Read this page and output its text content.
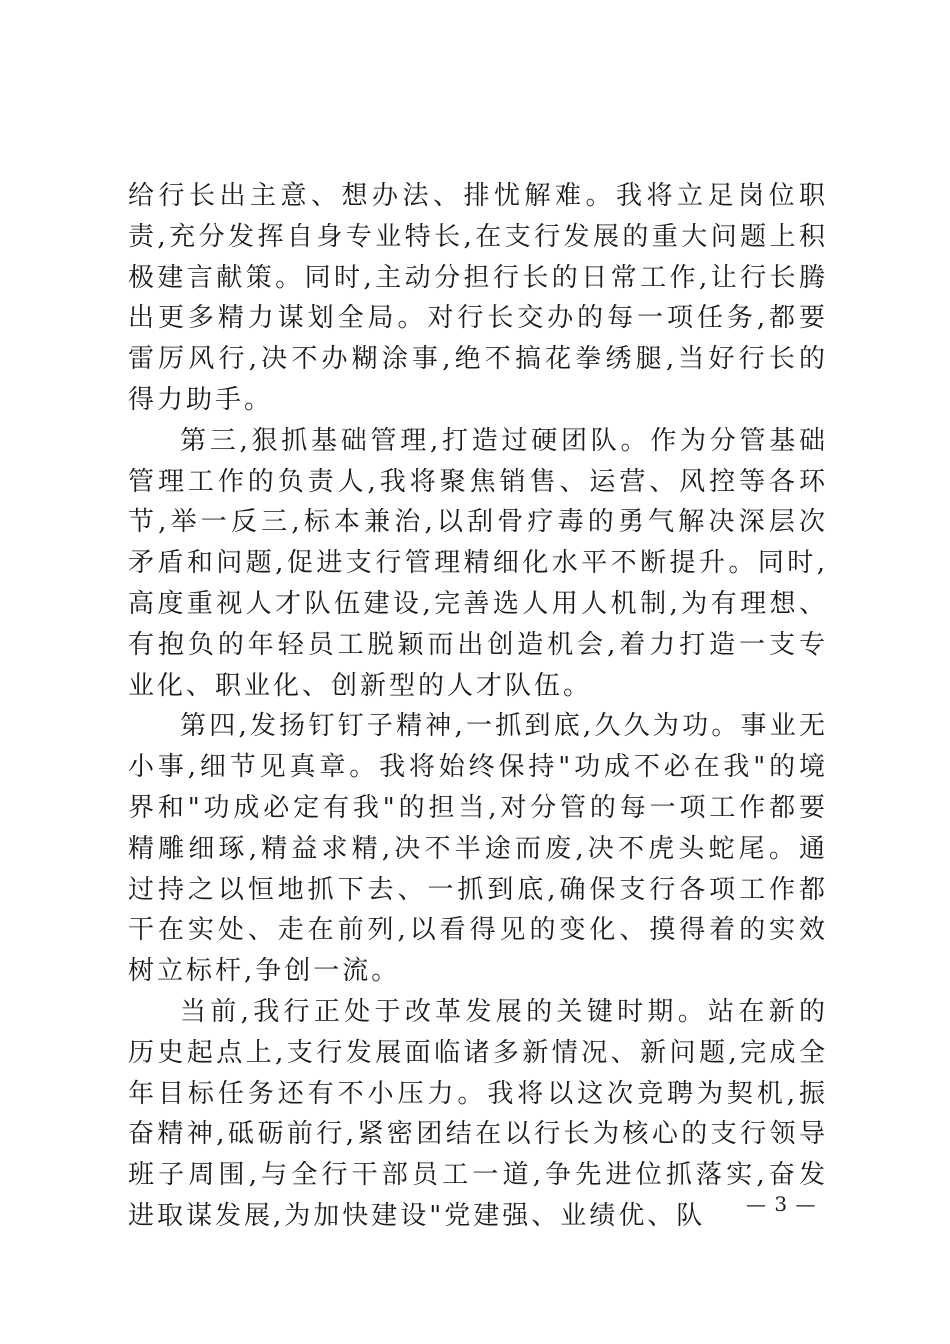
给行长出主意、想办法、排忧解难。我将立足岗位职责,充分发挥自身专业特长,在支行发展的重大问题上积极建言献策。同时,主动分担行长的日常工作,让行长腾出更多精力谋划全局。对行长交办的每一项任务,都要雷厉风行,决不办糊涂事,绝不搞花拳绣腿,当好行长的得力助手。

第三,狠抓基础管理,打造过硬团队。作为分管基础管理工作的负责人,我将聚焦销售、运营、风控等各环节,举一反三,标本兼治,以刮骨疗毒的勇气解决深层次矛盾和问题,促进支行管理精细化水平不断提升。同时,高度重视人才队伍建设,完善选人用人机制,为有理想、有抱负的年轻员工脱颖而出创造机会,着力打造一支专业化、职业化、创新型的人才队伍。

第四,发扬钉钉子精神,一抓到底,久久为功。事业无小事,细节见真章。我将始终保持"功成不必在我"的境界和"功成必定有我"的担当,对分管的每一项工作都要精雕细琢,精益求精,决不半途而废,决不虎头蛇尾。通过持之以恒地抓下去、一抓到底,确保支行各项工作都干在实处、走在前列,以看得见的变化、摸得着的实效树立标杆,争创一流。

当前,我行正处于改革发展的关键时期。站在新的历史起点上,支行发展面临诸多新情况、新问题,完成全年目标任务还有不小压力。我将以这次竞聘为契机,振奋精神,砥砺前行,紧密团结在以行长为核心的支行领导班子周围,与全行干部员工一道,争先进位抓落实,奋发进取谋发展,为加快建设"党建强、业绩优、队	— 3 —
